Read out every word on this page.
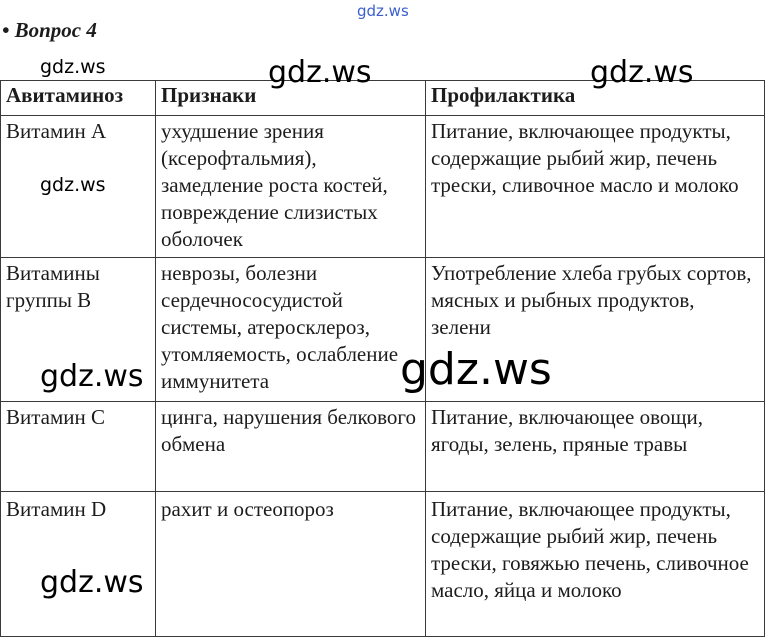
• Вопрос 4
Авитаминоз	Признаки	Профилактика
Витамин А	ухудшение зрения (ксерофтальмия), замедление роста костей, повреждение слизистых оболочек	Питание, включающее продукты, содержащие рыбий жир, печень трески, сливочное масло и молоко
Витамины группы В	неврозы, болезни сердечнососудистой системы, атеросклероз, утомляемость, ослабление иммунитета	Употребление хлеба грубых сортов, мясных и рыбных продуктов, зелени
Витамин С	цинга, нарушения белкового обмена	Питание, включающее овощи, ягоды, зелень, пряные травы
Витамин D	рахит и остеопороз	Питание, включающее продукты, содержащие рыбий жир, печень трески, говяжью печень, сливочное масло, яйца и молоко
gdz.ws
gdz.ws	gdz.ws	gdz.ws
gdz.ws
gdz.ws	gdz.ws
gdz.ws
